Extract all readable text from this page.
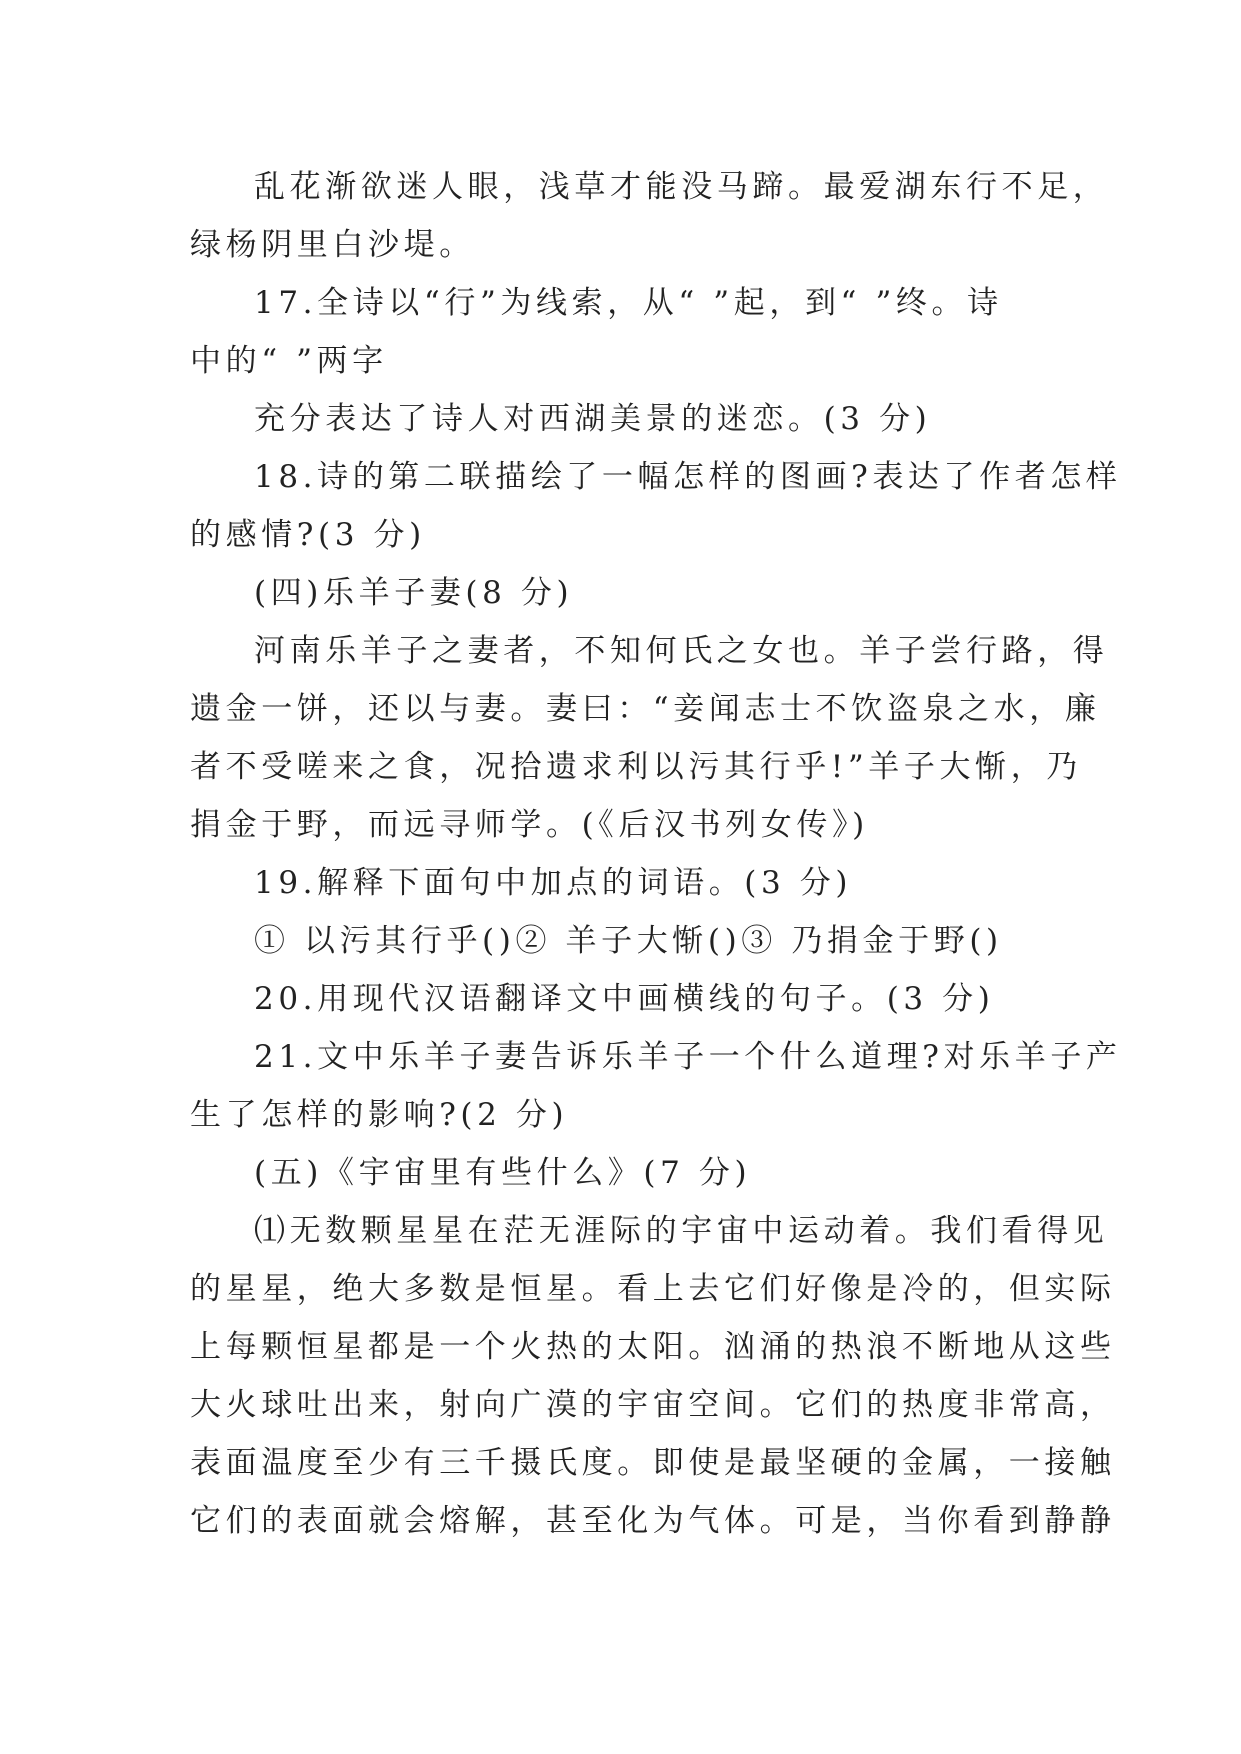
乱花渐欲迷人眼，浅草才能没马蹄。最爱湖东行不足，
绿杨阴里白沙堤。
17.全诗以“行”为线索，从“ ”起，到“ ”终。诗
中的“ ”两字
充分表达了诗人对西湖美景的迷恋。(3 分)
18.诗的第二联描绘了一幅怎样的图画?表达了作者怎样
的感情?(3 分)
(四)乐羊子妻(8 分)
河南乐羊子之妻者，不知何氏之女也。羊子尝行路，得
遗金一饼，还以与妻。妻曰：“妾闻志士不饮盗泉之水，廉
者不受嗟来之食，况拾遗求利以污其行乎!”羊子大惭，乃
捐金于野，而远寻师学。(《后汉书列女传》)
19.解释下面句中加点的词语。(3 分)
① 以污其行乎()② 羊子大惭()③ 乃捐金于野()
20.用现代汉语翻译文中画横线的句子。(3 分)
21.文中乐羊子妻告诉乐羊子一个什么道理?对乐羊子产
生了怎样的影响?(2 分)
(五)《宇宙里有些什么》(7 分)
⑴无数颗星星在茫无涯际的宇宙中运动着。我们看得见
的星星，绝大多数是恒星。看上去它们好像是冷的，但实际
上每颗恒星都是一个火热的太阳。汹涌的热浪不断地从这些
大火球吐出来，射向广漠的宇宙空间。它们的热度非常高，
表面温度至少有三千摄氏度。即使是最坚硬的金属，一接触
它们的表面就会熔解，甚至化为气体。可是，当你看到静静
